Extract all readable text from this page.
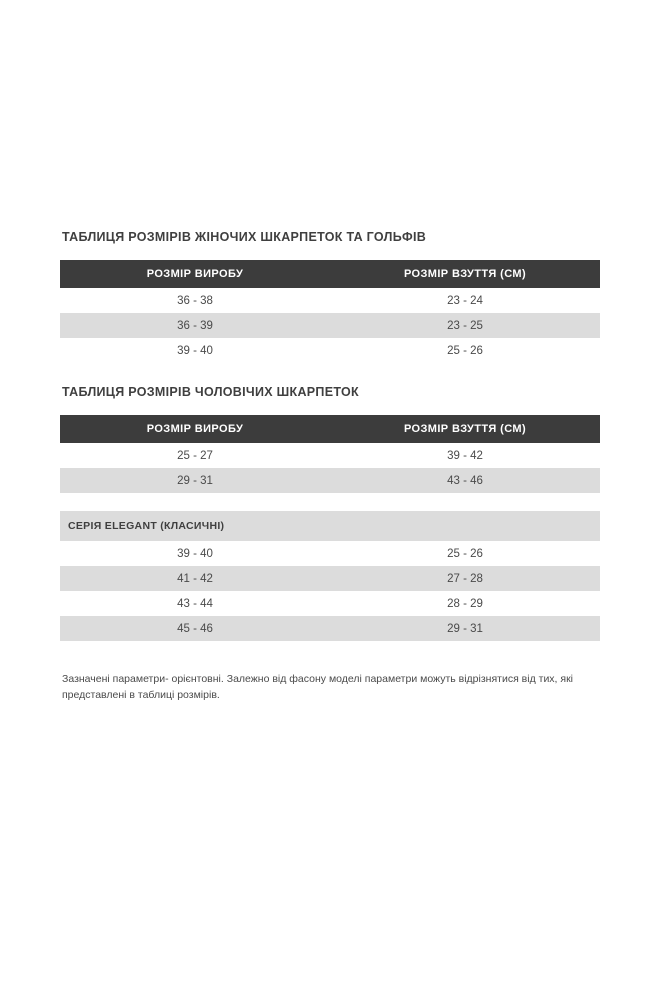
ТАБЛИЦЯ РОЗМІРІВ ЖІНОЧИХ ШКАРПЕТОК ТА ГОЛЬФІВ
РОЗМІР ВИРОБУ	РОЗМІР ВЗУТТЯ (СМ)
36 - 38	23 - 24
36 - 39	23 - 25
39 - 40	25 - 26
ТАБЛИЦЯ РОЗМІРІВ ЧОЛОВІЧИХ ШКАРПЕТОК
РОЗМІР ВИРОБУ	РОЗМІР ВЗУТТЯ (СМ)
25 - 27	39 - 42
29 - 31	43 - 46
СЕРІЯ ELEGANT (КЛАСИЧНІ)	
39 - 40	25 - 26
41 - 42	27 - 28
43 - 44	28 - 29
45 - 46	29 - 31

Зазначені параметри- орієнтовні. Залежно від фасону моделі параметри можуть відрізнятися від тих, які представлені в таблиці розмірів.
